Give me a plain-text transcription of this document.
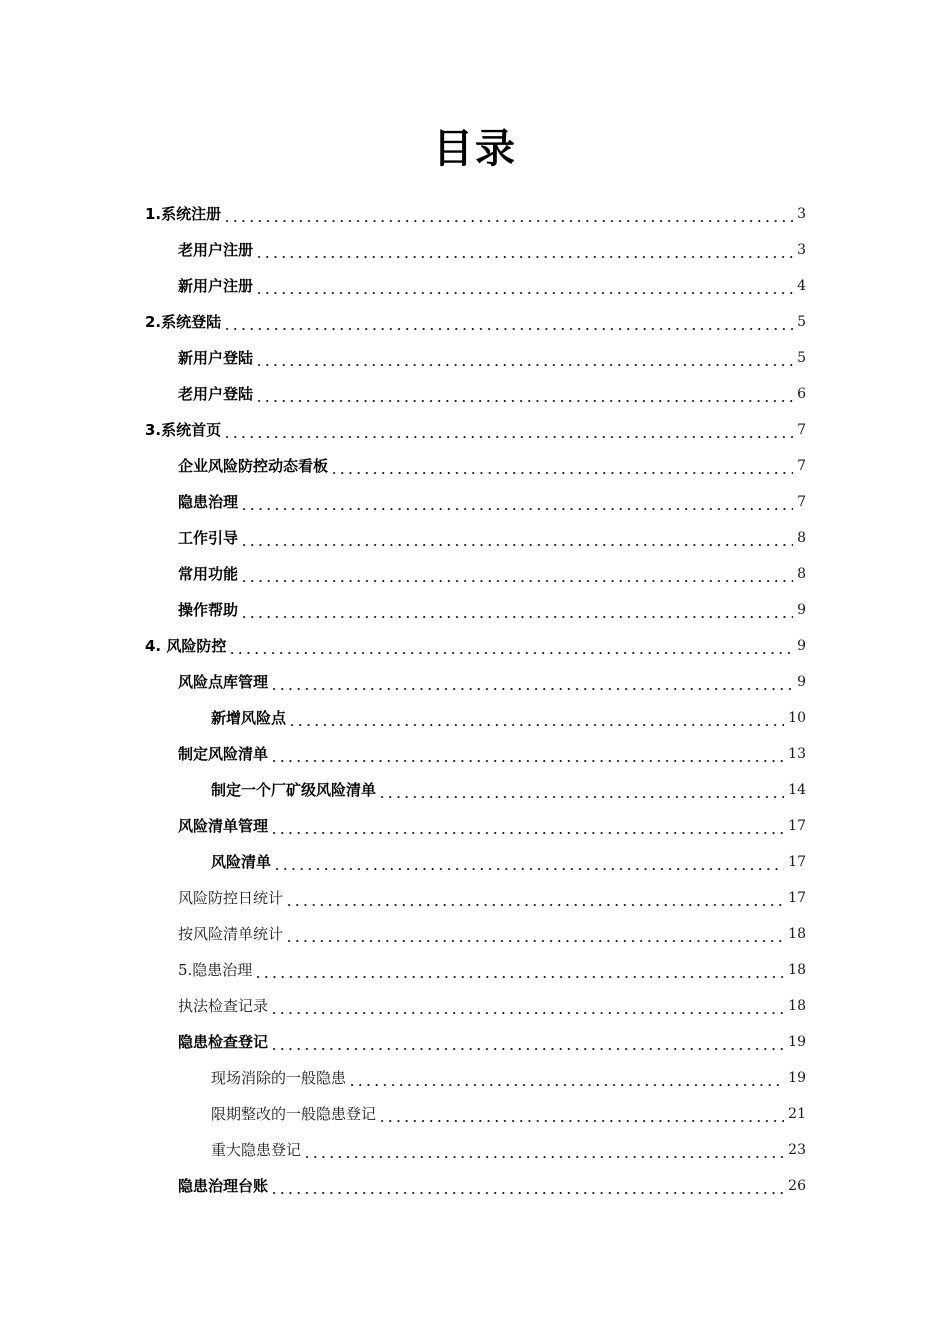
目录
1.系统注册	3
老用户注册	3
新用户注册	4
2.系统登陆	5
新用户登陆	5
老用户登陆	6
3.系统首页	7
企业风险防控动态看板	7
隐患治理	7
工作引导	8
常用功能	8
操作帮助	9
4. 风险防控	9
风险点库管理	9
新增风险点	10
制定风险清单	13
制定一个厂矿级风险清单	14
风险清单管理	17
风险清单	17
风险防控日统计	17
按风险清单统计	18
5.隐患治理	18
执法检查记录	18
隐患检查登记	19
现场消除的一般隐患	19
限期整改的一般隐患登记	21
重大隐患登记	23
隐患治理台账	26
